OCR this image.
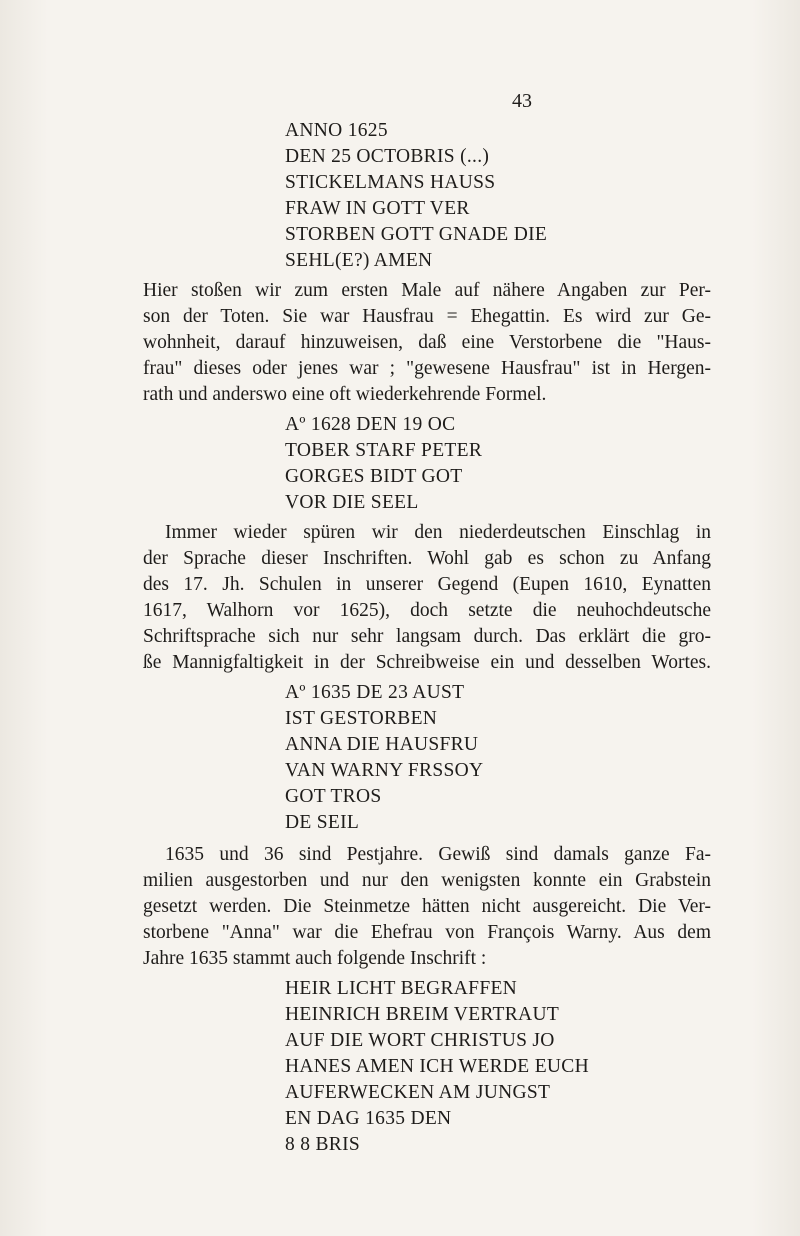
43
ANNO 1625
DEN 25 OCTOBRIS (...)
STICKELMANS HAUSS
FRAW IN GOTT VER
STORBEN GOTT GNADE DIE
SEHL(E?) AMEN

Hier stoßen wir zum ersten Male auf nähere Angaben zur Per-
son der Toten. Sie war Hausfrau = Ehegattin. Es wird zur Ge-
wohnheit, darauf hinzuweisen, daß eine Verstorbene die "Haus-
frau" dieses oder jenes war ; "gewesene Hausfrau" ist in Hergen-
rath und anderswo eine oft wiederkehrende Formel.

Aº 1628 DEN 19 OC
TOBER STARF PETER
GORGES BIDT GOT
VOR DIE SEEL

Immer wieder spüren wir den niederdeutschen Einschlag in
der Sprache dieser Inschriften. Wohl gab es schon zu Anfang
des 17. Jh. Schulen in unserer Gegend (Eupen 1610, Eynatten
1617, Walhorn vor 1625), doch setzte die neuhochdeutsche
Schriftsprache sich nur sehr langsam durch. Das erklärt die gro-
ße Mannigfaltigkeit in der Schreibweise ein und desselben Wortes.

Aº 1635 DE 23 AUST
IST GESTORBEN
ANNA DIE HAUSFRU
VAN WARNY FRSSOY
GOT TROS
DE SEIL

1635 und 36 sind Pestjahre. Gewiß sind damals ganze Fa-
milien ausgestorben und nur den wenigsten konnte ein Grabstein
gesetzt werden. Die Steinmetze hätten nicht ausgereicht. Die Ver-
storbene "Anna" war die Ehefrau von François Warny. Aus dem
Jahre 1635 stammt auch folgende Inschrift :

HEIR LICHT BEGRAFFEN
HEINRICH BREIM VERTRAUT
AUF DIE WORT CHRISTUS JO
HANES AMEN ICH WERDE EUCH
AUFERWECKEN AM JUNGST
EN DAG 1635 DEN
8 8 BRIS
